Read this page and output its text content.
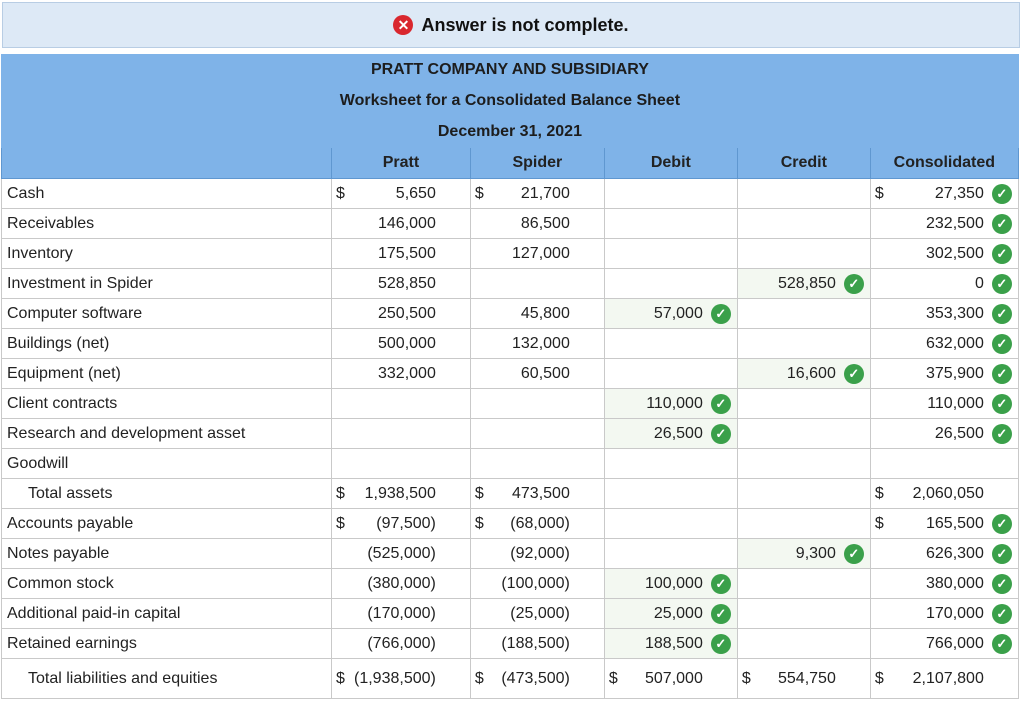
✕ Answer is not complete.
PRATT COMPANY AND SUBSIDIARY					
Worksheet for a Consolidated Balance Sheet					
December 31, 2021					
	Pratt	Spider	Debit	Credit	Consolidated
Cash	$ 5,650	$ 21,700			$ 27,350 ✓

Receivables	146,000	86,500			232,500 ✓

Inventory	175,500	127,000			302,500 ✓

Investment in Spider	528,850			528,850 ✓	0 ✓

Computer software	250,500	45,800	57,000 ✓		353,300 ✓

Buildings (net)	500,000	132,000			632,000 ✓

Equipment (net)	332,000	60,500		16,600 ✓	375,900 ✓

Client contracts			110,000 ✓		110,000 ✓

Research and development asset			26,500 ✓		26,500 ✓

Goodwill	

Total assets	$ 1,938,500	$ 473,500			$ 2,060,050

Accounts payable	$ (97,500)	$ (68,000)			$ 165,500 ✓

Notes payable	(525,000)	(92,000)		9,300 ✓	626,300 ✓

Common stock	(380,000)	(100,000)	100,000 ✓		380,000 ✓

Additional paid-in capital	(170,000)	(25,000)	25,000 ✓		170,000 ✓

Retained earnings	(766,000)	(188,500)	188,500 ✓		766,000 ✓

Total liabilities and equities	$ (1,938,500)	$ (473,500)	$ 507,000	$ 554,750	$ 2,107,800
